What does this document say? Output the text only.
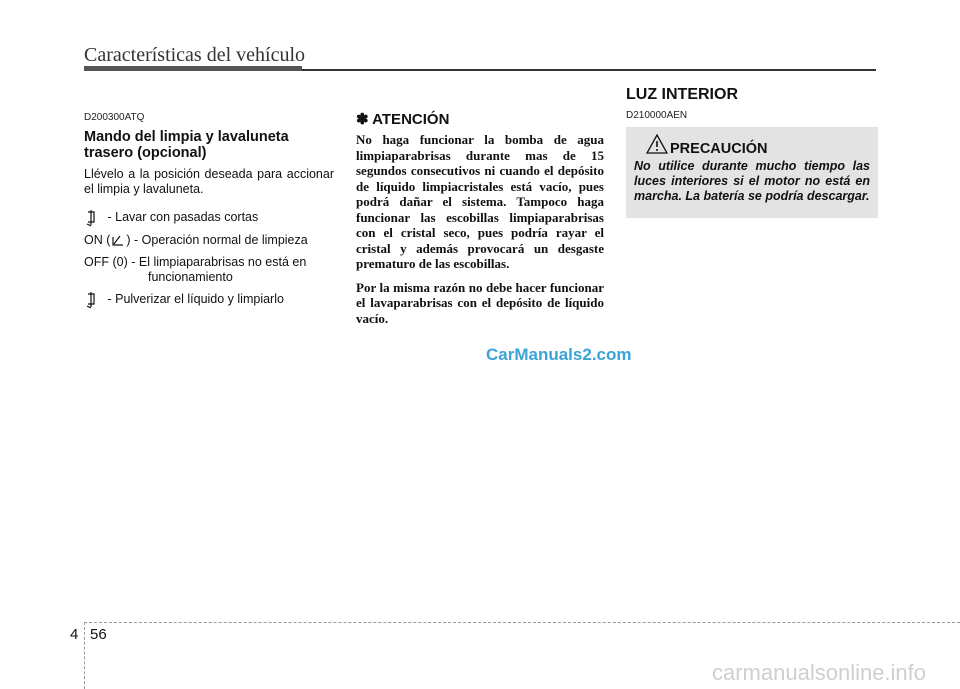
Características del vehículo
D200300ATQ
Mando del limpia y lavaluneta trasero (opcional)

Llévelo a la posición deseada para accionar el limpia y lavaluneta.

- Lavar con pasadas cortas
ON ( ) - Operación normal de limpieza
OFF (0) - El limpiaparabrisas no está en
funcionamiento
- Pulverizar el líquido y limpiarlo
✽ ATENCIÓN

No haga funcionar la bomba de agua limpiaparabrisas durante mas de 15 segundos consecutivos ni cuando el depósito de líquido limpiacristales está vacío, pues podrá dañar el sistema. Tampoco haga funcionar las escobillas limpiaparabrisas con el cristal seco, pues podría rayar el cristal y además provocará un desgaste prematuro de las escobillas.

Por la misma razón no debe hacer funcionar el lavaparabrisas con el depósito de líquido vacío.

LUZ INTERIOR
D210000AEN
PRECAUCIÓN

No utilice durante mucho tiempo las luces interiores si el motor no está en marcha. La batería se podría descargar.

CarManuals2.com
4 56
carmanualsonline.info
